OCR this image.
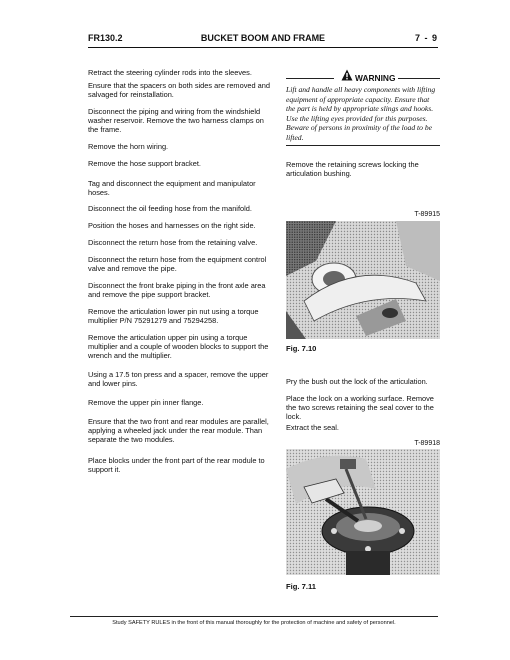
FR130.2	BUCKET BOOM AND FRAME	7 - 9

Retract the steering cylinder rods into the sleeves.

Ensure that the spacers on both sides are removed and salvaged for reinstallation.

Disconnect the piping and wiring from the windshield washer reservoir. Remove the two harness clamps on the frame.

Remove the horn wiring.

Remove the hose support bracket.

Tag and disconnect the equipment and manipulator hoses.

Disconnect the oil feeding hose from the manifold.

Position the hoses and harnesses on the right side.

Disconnect the return hose from the retaining valve.

Disconnect the return hose from the equipment control valve and remove the pipe.

Disconnect the front brake piping in the front axle area and remove the pipe support bracket.

Remove the articulation lower pin nut using a torque multiplier P/N 75291279 and 75294258.

Remove the articulation upper pin using a torque multiplier and a couple of wooden blocks to support the wrench and the multiplier.

Using a 17.5 ton press and a spacer, remove the upper and lower pins.

Remove the upper pin inner flange.

Ensure that the two front and rear modules are parallel, applying a wheeled jack under the rear module. Than separate the two modules.

Place blocks under the front part of the rear module to support it.

WARNING
Lift and handle all heavy components with lifting equipment of appropriate capacity. Ensure that the part is held by appropriate slings and hooks. Use the lifting eyes provided for this purposes. Beware of persons in proximity of the load to be lifted.

Remove the retaining screws locking the articulation bushing.

T-89915
Fig. 7.10

Pry the bush out the lock of the articulation.

Place the lock on a working surface. Remove the two screws retaining the seal cover to the lock.

Extract the seal.

T-89918
Fig. 7.11
Study SAFETY RULES in the front of this manual thoroughly for the protection of machine and safety of personnel.
